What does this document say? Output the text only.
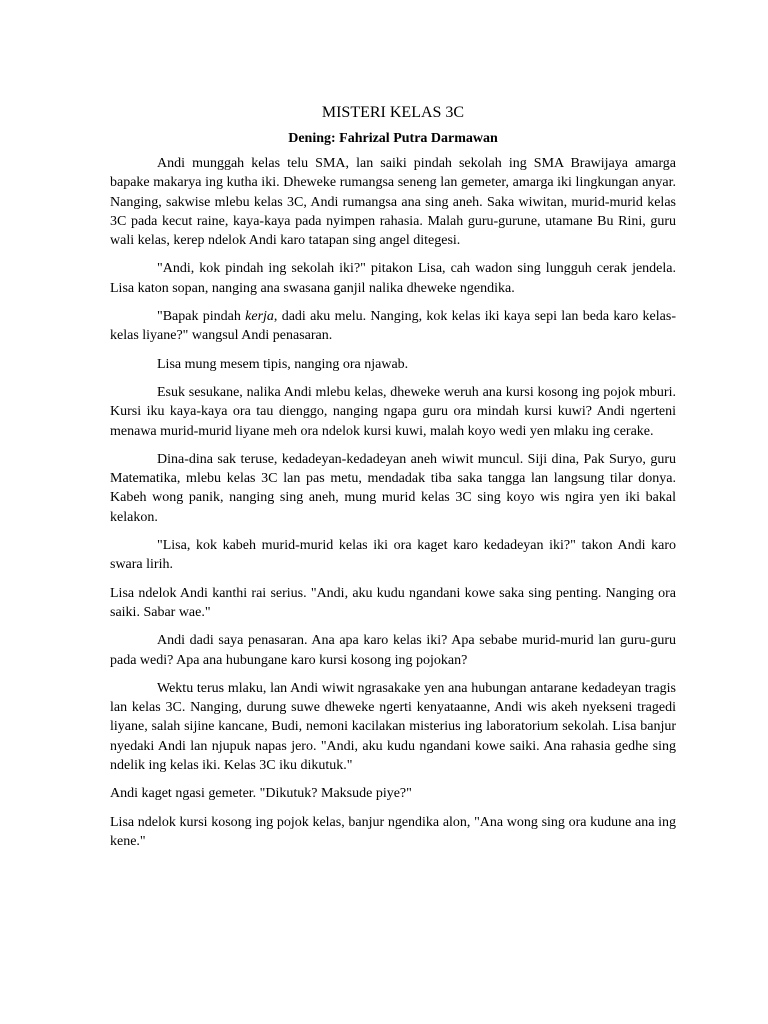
MISTERI KELAS 3C
Dening: Fahrizal Putra Darmawan

Andi munggah kelas telu SMA, lan saiki pindah sekolah ing SMA Brawijaya amarga bapake makarya ing kutha iki. Dheweke rumangsa seneng lan gemeter, amarga iki lingkungan anyar. Nanging, sakwise mlebu kelas 3C, Andi rumangsa ana sing aneh. Saka wiwitan, murid-murid kelas 3C pada kecut raine, kaya-kaya pada nyimpen rahasia. Malah guru-gurune, utamane Bu Rini, guru wali kelas, kerep ndelok Andi karo tatapan sing angel ditegesi.

"Andi, kok pindah ing sekolah iki?" pitakon Lisa, cah wadon sing lungguh cerak jendela. Lisa katon sopan, nanging ana swasana ganjil nalika dheweke ngendika.

"Bapak pindah kerja, dadi aku melu. Nanging, kok kelas iki kaya sepi lan beda karo kelas-kelas liyane?" wangsul Andi penasaran.

Lisa mung mesem tipis, nanging ora njawab.

Esuk sesukane, nalika Andi mlebu kelas, dheweke weruh ana kursi kosong ing pojok mburi. Kursi iku kaya-kaya ora tau dienggo, nanging ngapa guru ora mindah kursi kuwi? Andi ngerteni menawa murid-murid liyane meh ora ndelok kursi kuwi, malah koyo wedi yen mlaku ing cerake.

Dina-dina sak teruse, kedadeyan-kedadeyan aneh wiwit muncul. Siji dina, Pak Suryo, guru Matematika, mlebu kelas 3C lan pas metu, mendadak tiba saka tangga lan langsung tilar donya. Kabeh wong panik, nanging sing aneh, mung murid kelas 3C sing koyo wis ngira yen iki bakal kelakon.

"Lisa, kok kabeh murid-murid kelas iki ora kaget karo kedadeyan iki?" takon Andi karo swara lirih.

Lisa ndelok Andi kanthi rai serius. "Andi, aku kudu ngandani kowe saka sing penting. Nanging ora saiki. Sabar wae."

Andi dadi saya penasaran. Ana apa karo kelas iki? Apa sebabe murid-murid lan guru-guru pada wedi? Apa ana hubungane karo kursi kosong ing pojokan?

Wektu terus mlaku, lan Andi wiwit ngrasakake yen ana hubungan antarane kedadeyan tragis lan kelas 3C. Nanging, durung suwe dheweke ngerti kenyataanne, Andi wis akeh nyekseni tragedi liyane, salah sijine kancane, Budi, nemoni kacilakan misterius ing laboratorium sekolah. Lisa banjur nyedaki Andi lan njupuk napas jero. "Andi, aku kudu ngandani kowe saiki. Ana rahasia gedhe sing ndelik ing kelas iki. Kelas 3C iku dikutuk."

Andi kaget ngasi gemeter. "Dikutuk? Maksude piye?"

Lisa ndelok kursi kosong ing pojok kelas, banjur ngendika alon, "Ana wong sing ora kudune ana ing kene."
